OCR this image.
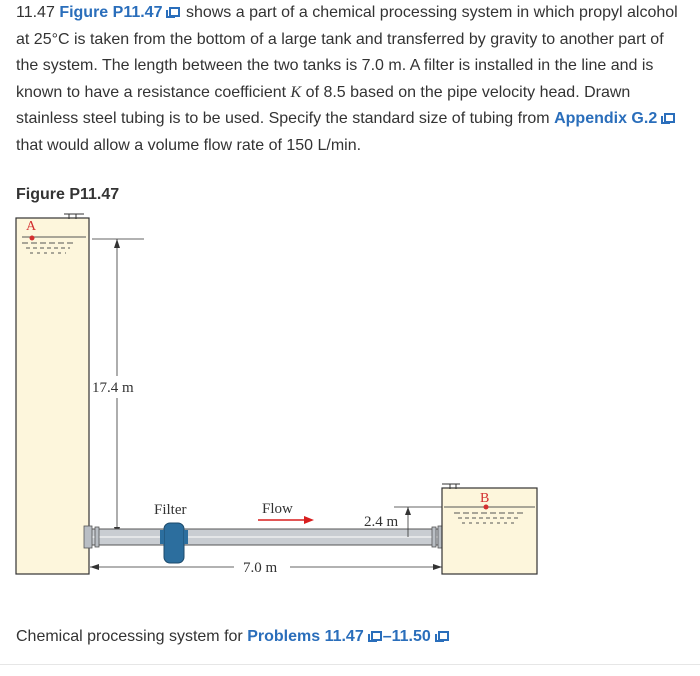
11.47 Figure P11.47 shows a part of a chemical processing system in which propyl alcohol at 25°C is taken from the bottom of a large tank and transferred by gravity to another part of the system. The length between the two tanks is 7.0 m. A filter is installed in the line and is known to have a resistance coefficient K of 8.5 based on the pipe velocity head. Drawn stainless steel tubing is to be used. Specify the standard size of tubing from Appendix G.2
that would allow a volume flow rate of 150 L/min.

Figure P11.47
A
17.4 m
Filter	Flow
7.0 m
B
2.4 m
Chemical processing system for Problems 11.47 –11.50
